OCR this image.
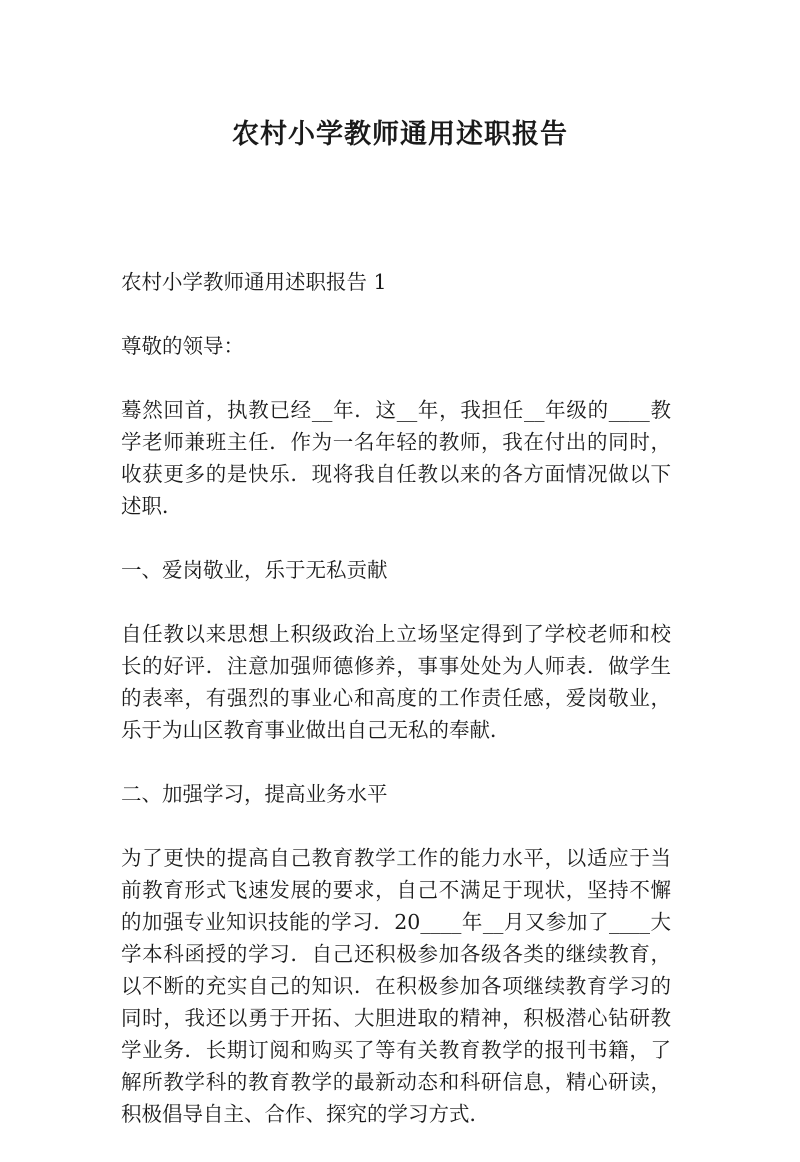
农村小学教师通用述职报告

农村小学教师通用述职报告 1

尊敬的领导：

蓦然回首，执教已经__年．这__年，我担任__年级的____教学老师兼班主任．作为一名年轻的教师，我在付出的同时，收获更多的是快乐．现将我自任教以来的各方面情况做以下述职．

一、爱岗敬业，乐于无私贡献

自任教以来思想上积级政治上立场坚定得到了学校老师和校长的好评．注意加强师德修养，事事处处为人师表．做学生的表率，有强烈的事业心和高度的工作责任感，爱岗敬业，乐于为山区教育事业做出自己无私的奉献．

二、加强学习，提高业务水平

为了更快的提高自己教育教学工作的能力水平，以适应于当前教育形式飞速发展的要求，自己不满足于现状，坚持不懈的加强专业知识技能的学习．20____年__月又参加了____大学本科函授的学习．自己还积极参加各级各类的继续教育，以不断的充实自己的知识．在积极参加各项继续教育学习的同时，我还以勇于开拓、大胆进取的精神，积极潜心钻研教学业务．长期订阅和购买了等有关教育教学的报刊书籍，了解所教学科的教育教学的最新动态和科研信息，精心研读，积极倡导自主、合作、探究的学习方式．
